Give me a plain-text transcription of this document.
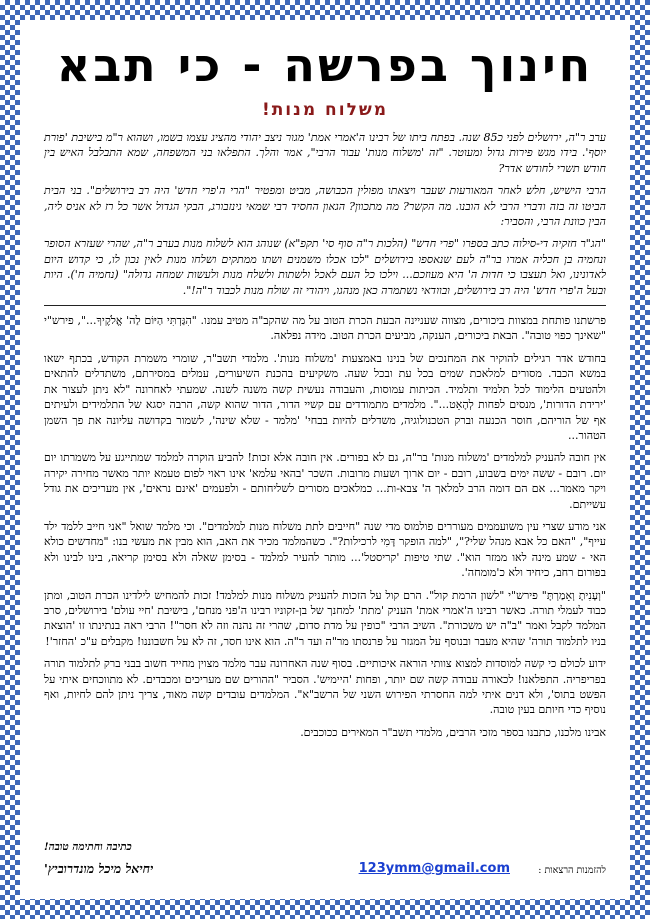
חינוך בפרשה - כי תבא
משלוח מנות!

ערב ר"ה, ירושלים לפני כ85 שנה. בפתח ביתו של רבינו ה'אמרי אמת' מגור ניצב יהודי מהציג עצמו בשמו, ושהוא ר"מ בישיבת 'פורת יוסף'. בידו מגש פירות גדול ומעוטר. "זה 'משלוח מנות' עבור הרבי", אמר והלך. התפלאו בני המשפחה, שמא התבלבל האיש בין חודש תשרי לחודש אדר?

הרבי הישיש, חלש לאחר המאורעות שעבר ויצאתו מפולין הכבושה, מביט ומפטיר "הרי ה'פרי חדש' היה רב בירושלים". בני הבית הביטו זה בזה ודברי הרבי לא הובנו. מה הקשר? מה מתכוון? הגאון החסיד רבי שמאי גינזבורג, הבקי הגדול אשר כל רז לא אניס ליה, הבין כוונת הרבי, והסביר:

"הג"ר חזקיה די-סילוה כתב בספרו "פרי חדש" (הלכות ר"ה סוף סי' תקפ"א) שנוהג הוא לשלוח מנות בערב ר"ה, שהרי שעזרא הסופר ונחמיה בן חכליה אמרו בר"ה לעם שנאספו בירושלים "לכו אכלו משמנים ושתו ממתקים ושלחו מנות לאין נכון לו, כי קדוש היום לאדונינו, ואל תעצבו כי חדות ה' היא מעוזכם... וילכו כל העם לאכל ולשתות ולשלח מנות ולעשות שמחה גדולה" (נחמיה ח'). היות ובעל ה'פרי חדש' היה רב בירושלים, ובוודאי נשתמרה כאן מנהגו, ויהודי זה שולח מנות לכבוד ר"ה!".

פרשתנו פותחת במצוות ביכורים, מצווה שעניינה הבעת הכרת הטוב על מה שהקב"ה מטיב עמנו. "הִגַּדְתִּי הַיּוֹם לַה' אֱלֹקֶיךָ...", פירש"י "שאינך כפוי טובה". הבאת ביכורים, הענקה, מביעים הכרת הטוב. מידה נפלאה.

בחודש אדר רגילים להוקיר את המחנכים של בנינו באמצעות 'משלוח מנות'. מלמדי תשב"ר, שומרי משמרת הקודש, בכתף ישאו במשא הכבד. מסורים למלאכת שמים בכל עת ובכל שעה. משקיעים בהכנת השיעורים, עמלים במסירתם, משתדלים להתאים ולהטעים הלימוד לכל תלמיד ותלמיד. הכיתות עמוסות, והעבודה נעשית קשה משנה לשנה. שמעתי לאחרונה "לא ניתן לעצור את 'ירידת הדורות', מנסים לפחות לְהָאֵט...". מלמדים מתמודדים עם קשיי הדור, הדור שהוא קשה, הרבה יסגא של התלמידים ולעיתים אף של הוריהם, חוסר הכנעה וברק הטכנולוגיה, משדלים להיות בבחי' 'מלמד - שלא שינה', לשמור בקדושה עליונה את פך השמן הטהור...

אין חובה להעניק למלמדים 'משלוח מנות' בר"ה, גם לא בפורים. אין חובה אלא זכות! להביע הוקרה למלמד שמתייגע על משמרתו יום יום. רובם - ששה ימים בשבוע, רובם - יום ארוך ושעות מרובות. השכר 'בהאי עלמא' אינו ראוי לפום טעמא יותר מאשר מחירה יקירה ויקר מאמר... אם הם דומה הרב למלאך ה' צבא-ות... כמלאכים מסורים לשליחותם - ולפעמים 'אינם נראים', אין מעריכים את גודל עשייתם.

אני מודע שצרי עין משועממים מעוררים פולמוס מדי שנה "חייבים לתת משלוח מנות למלמדים". וכי מלמד שואל "אני חייב ללמד ילד עייף", "האם כל אבא מנהל שלי?", "למה הופקר דָּמִי לרכילות?". כשהמלמד מכיר את האב, הוא מבין את מעשי בנו: "מחדשים כולא האי - שמע מינה לאו ממזר הוא". שתי טיפות 'קריסטל'... מותר להעיר למלמד - בסימן שאלה ולא בסימן קריאה, בינו לבינו ולא בפורום רחב, כיחיד ולא כ'מומחה'.

"וְעָנִיתָ וְאָמַרְתָּ" פירש"י "לשון הרמת קול". הרם קול על הזכות להעניק משלוח מנות למלמד! זכות להמחיש לילדינו הכרת הטוב, ומתן כבוד לעמלי תורה. כאשר רבינו ה'אמרי אמת' העניק 'מתת' למחנך של בן-זקוניו רבינו ה'פני מנחם', בישיבת 'חיי עולם' בירושלים, סרב המלמד לקבל ואמר "ב"ה יש משכורת". השיב הרבי "כופין על מדת סדום, שהרי זה נהנה וזה לא חסר"! הרבי ראה בנתינתו זו 'הוצאת בניו לתלמוד תורה' שהיא מעבר ובנוסף על המגזר על פרנסתו מר"ה ועד ר"ה. הוא אינו חסר, זה לא על חשבוננו! מקבלים ע"כ 'החזר'!

ידוע לכולם כי קשה למוסדות למצוא צוותי הוראה איכותיים. בסוף שנה האחרונה עבר מלמד מצוין מחייד חשוב בבני ברק לתלמוד תורה בפריפריה. התפלאנו! לכאורה עבודה קשה שם יותר, ופחות 'היימיש'. הסביר "ההורים שם מעריכים ומכבדים. לא מתווכחים איתי על הפשט בתוס', ולא דנים איתי למה החסרתי הפירוש השני של הרשב"א". המלמדים עובדים קשה מאוד, צריך ניתן להם לחיות, ואף נוסיף כדי חיותם בעין טובה.

אבינו מלכנו, כתבנו בספר מזכי הרבים, מלמדי תשב"ר המאירים ככוכבים.

כתיבה וחתימה טובה!
יחיאל מיכל מונדרוביץ'	להזמנות הרצאות :
123ymm@gmail.com
